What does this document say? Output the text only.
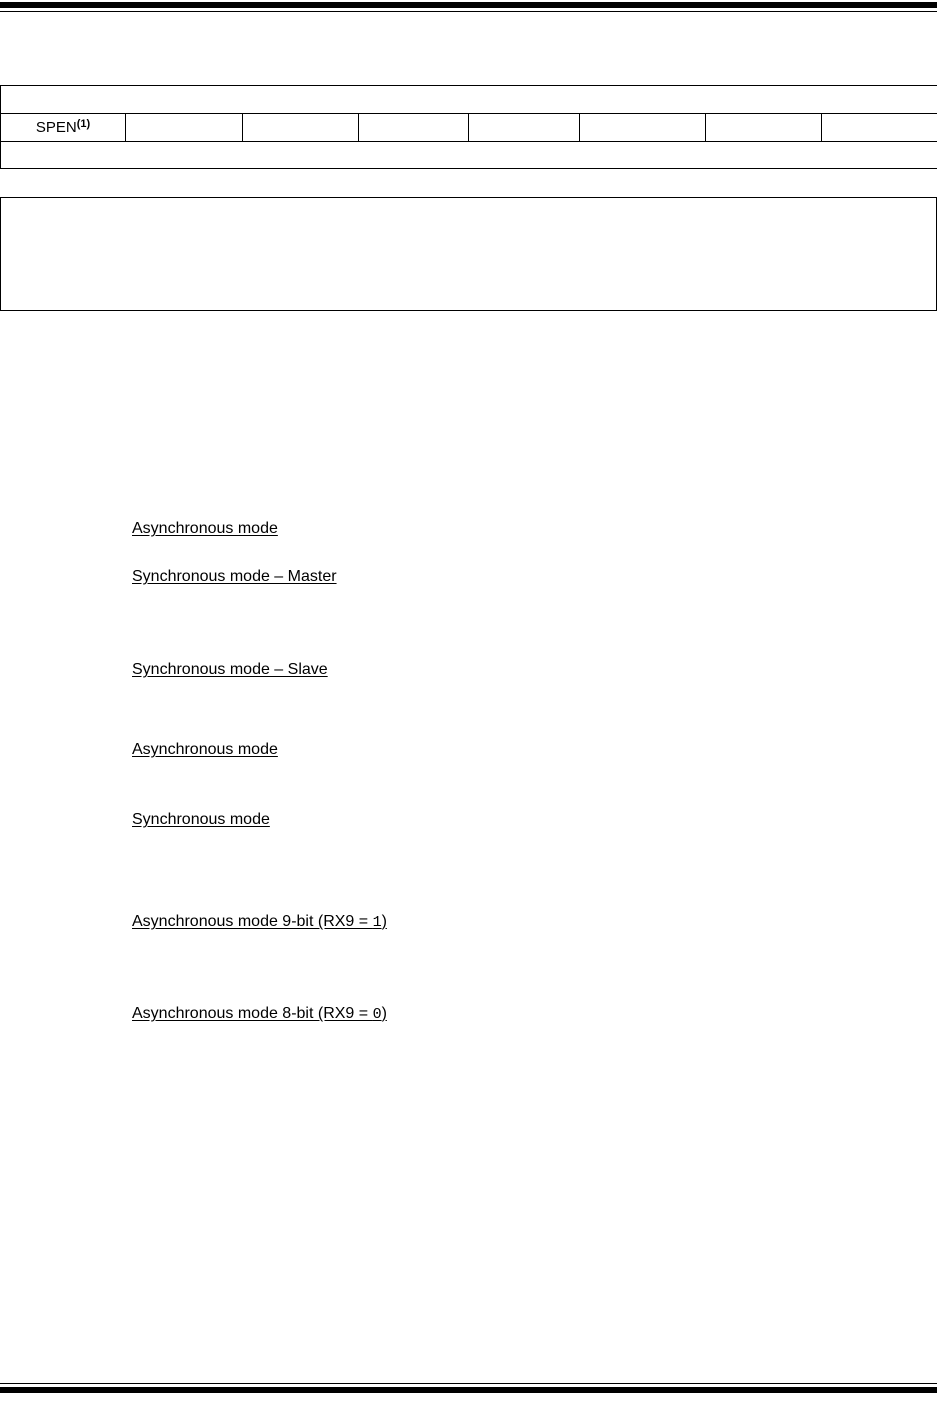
SPEN$^{(1)}$							

Asynchronous mode
Synchronous mode – Master
Synchronous mode – Slave
Asynchronous mode
Synchronous mode
Asynchronous mode 9-bit (RX9 = 1)
Asynchronous mode 8-bit (RX9 = 0)
